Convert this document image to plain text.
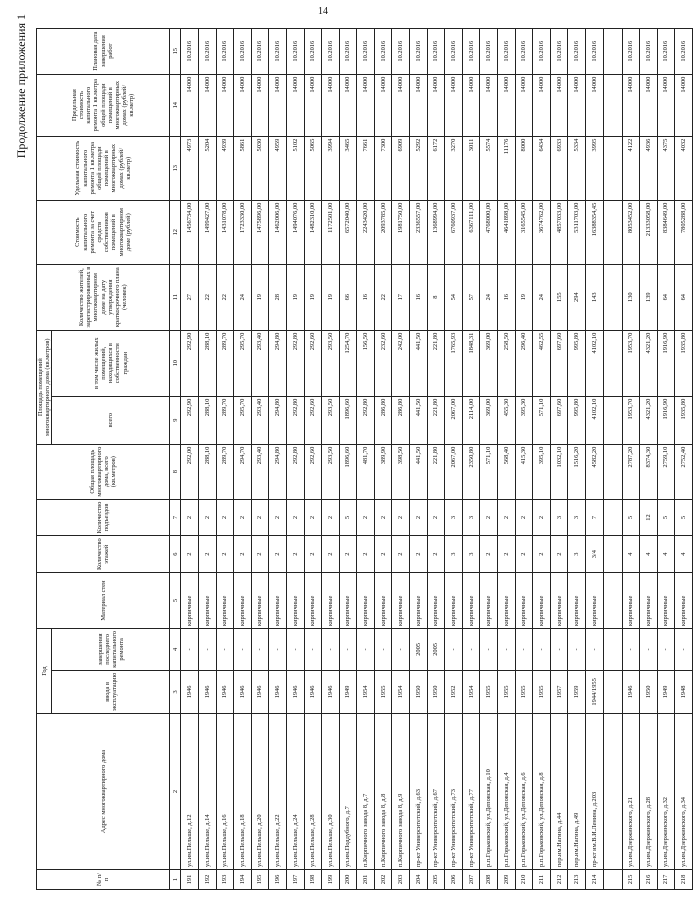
14
Продолжение приложения 1
№ п/п	Адрес многоквартирного дома	Год		Материал стен	Количество этажей	Количество подъездов	Общая площадь многоквартирного дома, всего (кв.метров)	Площадь помещений многоквартирного дома (кв.метров)		Количество жителей, зарегистрированных в многоквартирном доме на дату утверждения краткосрочного плана (человек)	Стоимость капитального ремонта за счет средств собственников помещений в многоквартирном доме (рублей)	Удельная стоимость капитального ремонта 1 кв.метра общей площади помещений в многоквартирных домах (рублей/кв.метр)	Предельная стоимость капитального ремонта 1 кв.метра общей площади помещений в многоквартирных домах (рублей/кв.метр)	Плановая дата завершения работ
		ввода в эксплуатацию	завершения последнего капитального ремонта					всего	в том числе жилых помещений, находящихся в собственности граждан					
1	2	3	4	5	6	7	8	9	10	11	12	13	14	15
191	ул.им.Пельше, д.12	1946	-	кирпичные	2	2	292,00	292,90	292,90	27	1456734,00	4973	14000	10.2016
192	ул.им.Пельше, д.14	1946	-	кирпичные	2	2	288,10	288,10	288,10	22	1499427,00	5204	14000	10.2016
193	ул.им.Пельше, д.16	1946	-	кирпичные	2	2	289,70	289,70	289,70	22	1431078,00	4939	14000	10.2016
194	ул.им.Пельше, д.18	1946	-	кирпичные	2	2	294,70	295,70	295,70	24	1723330,00	5861	14000	10.2016
195	ул.им.Пельше, д.20	1946	-	кирпичные	2	2	293,40	293,40	293,40	19	1475896,00	5030	14000	10.2016
196	ул.им.Пельше, д.22	1946	-	кирпичные	2	2	294,80	294,80	294,80	28	1462006,00	4959	14000	10.2016
197	ул.им.Пельше, д.24	1946	-	кирпичные	2	2	292,80	292,80	292,80	19	1494076,00	5102	14000	10.2016
198	ул.им.Пельше, д.28	1946	-	кирпичные	2	2	292,60	292,60	292,60	19	1482310,00	5065	14000	10.2016
199	ул.им.Пельше, д.30	1946	-	кирпичные	2	2	293,50	293,50	293,50	19	1172501,00	3994	14000	10.2016
200	ул.им.Поддубного, д.7	1949	-	кирпичные	2	5	1896,60	1896,60	1254,70	66	6572040,00	3465	14000	10.2016
201	п.Кирпичного завода 8, д.7	1954	-	кирпичные	2	2	481,70	292,80	156,50	16	2243420,00	7661	14000	10.2016
202	п.Кирпичного завода 8, д.8	1955	-	кирпичные	2	2	389,90	286,80	232,60	22	2093785,00	7300	14000	10.2016
203	п.Кирпичного завода 8, д.9	1954	-	кирпичные	2	2	398,50	286,80	242,00	17	1981750,00	6909	14000	10.2016
204	пр-кт Университетский, д.63	1950	2005	кирпичные	2	2	441,50	441,50	441,50	16	2336557,00	5292	14000	10.2016
205	пр-кт Университетский, д.67	1950	2005	кирпичные	2	2	221,80	221,80	221,80	8	1368994,00	6172	14000	10.2016
206	пр-кт Университетский, д.73	1952	-	кирпичные	3	3	2067,00	2067,00	1765,93	54	6760937,00	3270	14000	10.2016
207	пр-кт Университетский, д.77	1954	-	кирпичные	3	3	2350,80	2114,00	1848,31	57	6367111,00	3011	14000	10.2016
208	р.п.Горьковский, ул.Деповская, д.10	1955	-	кирпичные	2	2	571,10	369,00	369,00	24	4768000,00	5574	14000	10.2016
209	р.п.Горьковский, ул.Деповская, д.4	1955	-	кирпичные	2	2	568,40	455,30	258,50	16	4641898,00	11176	14000	10.2016
210	р.п.Горьковский, ул.Деповская, д.6	1955	-	кирпичные	2	2	415,30	395,30	296,40	19	3165545,00	8000	14000	10.2016
211	р.п.Горьковский, ул.Деповская, д.8	1955	-	кирпичные	2	2	395,10	571,10	462,55	24	3674762,00	6434	14000	10.2016
212	пер.им.Нагина, д.44	1957	-	кирпичные	2	3	1032,10	697,60	697,60	155	4857033,00	6933	14000	10.2016
213	пер.им.Нагина, д.49	1959	-	кирпичные	3	3	1516,20	995,80	995,80	294	5311703,00	5334	14000	10.2016
214	пр-кт им.В.И.Ленина, д.203	1944/1955	-	кирпичные	3/4	7	4582,20	4102,10	4102,10	143	16388354,45	3995	14000	10.2016

215	ул.им.Дзержинского, д.21	1946	-	кирпичные	4	5	2787,20	1953,70	1953,70	130	8053452,00	4122	14000	10.2016
216	ул.им.Дзержинского, д.28	1950	-	кирпичные	4	12	8374,30	4321,20	4321,20	139	21333058,00	4936	14000	10.2016
217	ул.им.Дзержинского, д.32	1949	-	кирпичные	4	5	2759,10	1916,90	1916,90	64	8384649,00	4375	14000	10.2016
218	ул.им.Дзержинского, д.34	1948	-	кирпичные	4	5	2752,40	1935,80	1935,80	64	7805288,00	4032	14000	10.2016
